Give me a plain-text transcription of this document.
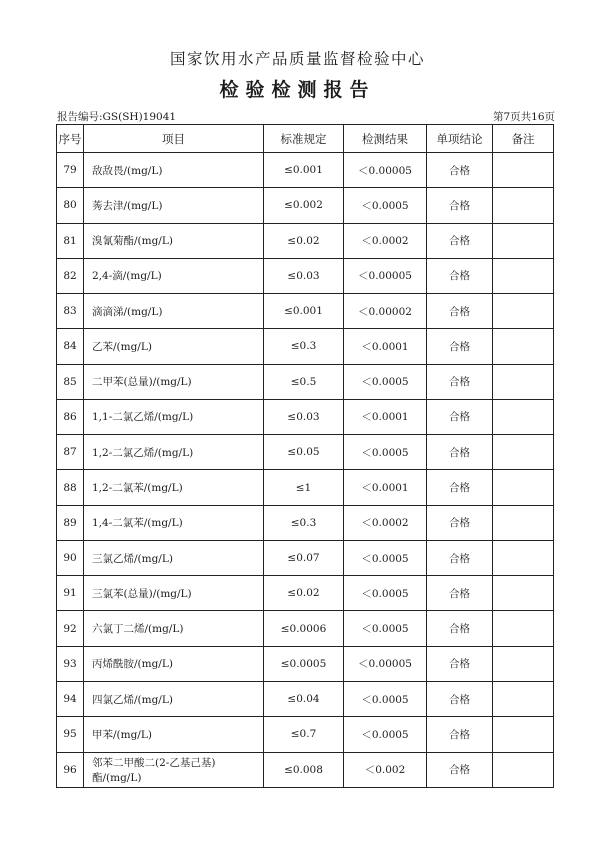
国家饮用水产品质量监督检验中心
检验检测报告
报告编号:GS(SH)19041	第7页共16页
序号	项目	标准规定	检测结果	单项结论	备注
79	敌敌畏/(mg/L)	≤0.001	＜0.00005	合格	
80	莠去津/(mg/L)	≤0.002	＜0.0005	合格	
81	溴氰菊酯/(mg/L)	≤0.02	＜0.0002	合格	
82	2,4-滴/(mg/L)	≤0.03	＜0.00005	合格	
83	滴滴涕/(mg/L)	≤0.001	＜0.00002	合格	
84	乙苯/(mg/L)	≤0.3	＜0.0001	合格	
85	二甲苯(总量)/(mg/L)	≤0.5	＜0.0005	合格	
86	1,1-二氯乙烯/(mg/L)	≤0.03	＜0.0001	合格	
87	1,2-二氯乙烯/(mg/L)	≤0.05	＜0.0005	合格	
88	1,2-二氯苯/(mg/L)	≤1	＜0.0001	合格	
89	1,4-二氯苯/(mg/L)	≤0.3	＜0.0002	合格	
90	三氯乙烯/(mg/L)	≤0.07	＜0.0005	合格	
91	三氯苯(总量)/(mg/L)	≤0.02	＜0.0005	合格	
92	六氯丁二烯/(mg/L)	≤0.0006	＜0.0005	合格	
93	丙烯酰胺/(mg/L)	≤0.0005	＜0.00005	合格	
94	四氯乙烯/(mg/L)	≤0.04	＜0.0005	合格	
95	甲苯/(mg/L)	≤0.7	＜0.0005	合格	
96	邻苯二甲酸二(2-乙基己基)酯/(mg/L)	≤0.008	＜0.002	合格	
